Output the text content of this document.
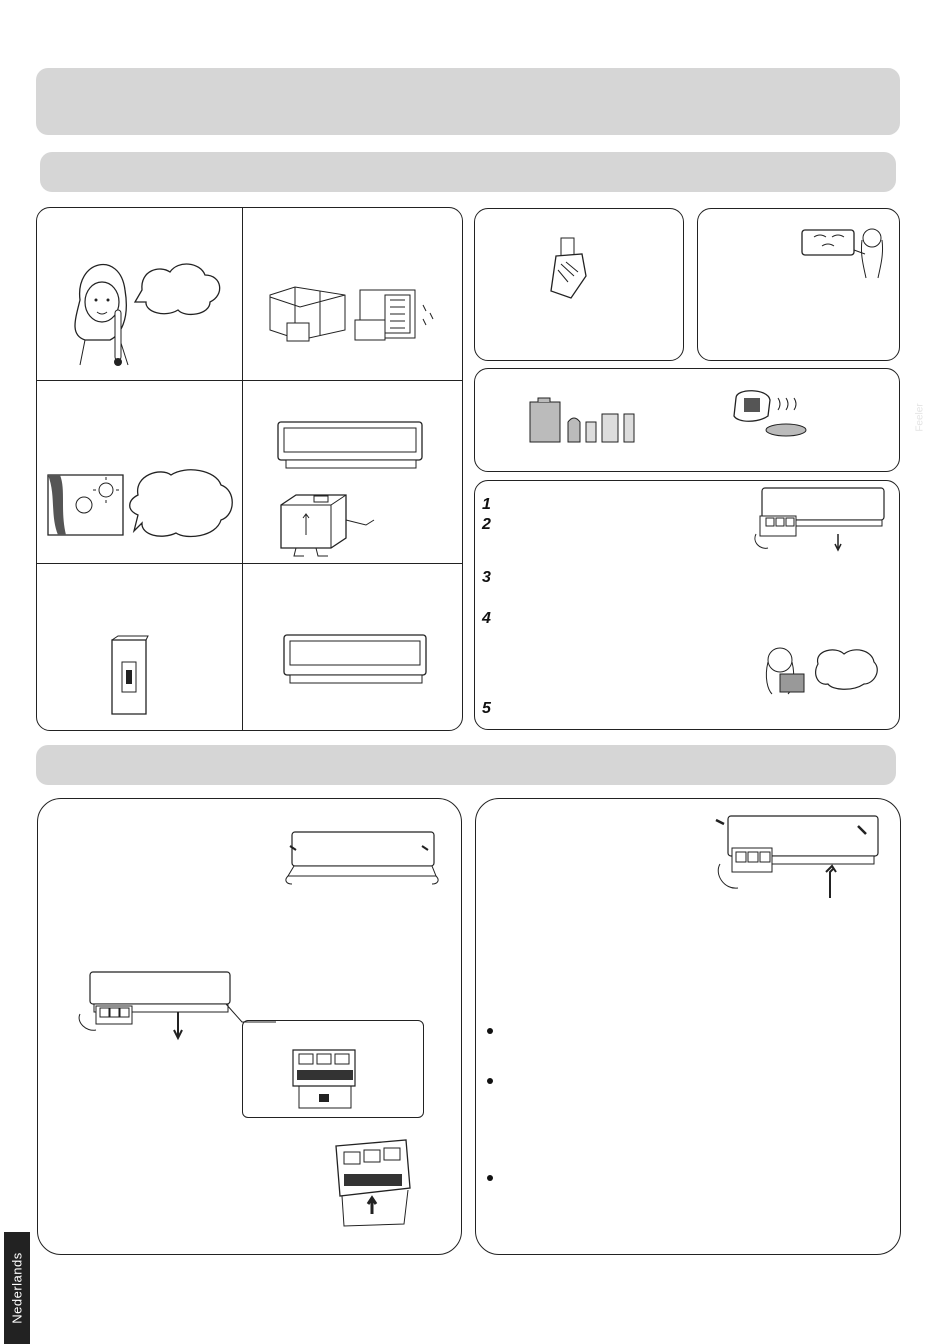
1
2
3
4
5
Feeler
Nederlands
